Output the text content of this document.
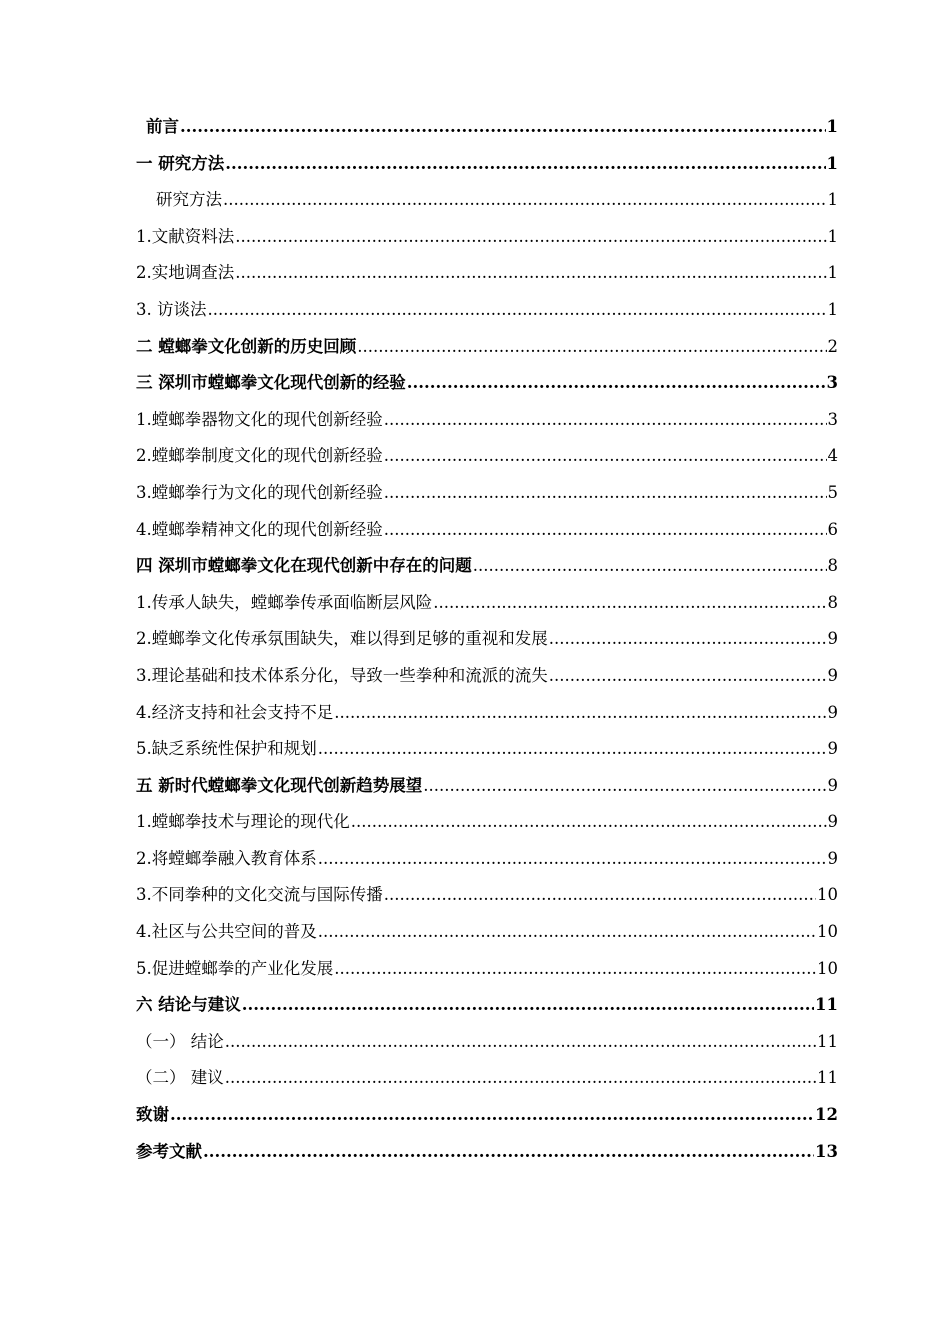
前言 .....	1
一 研究方法 .....	1
研究方法 .....	1
1.文献资料法 .....	1
2.实地调查法 .....	1
3. 访谈法 .....	1
二 螳螂拳文化创新的历史回顾 .....	2
三 深圳市螳螂拳文化现代创新的经验 .....	3
1.螳螂拳器物文化的现代创新经验 .....	3
2.螳螂拳制度文化的现代创新经验 .....	4
3.螳螂拳行为文化的现代创新经验 .....	5
4.螳螂拳精神文化的现代创新经验 .....	6
四 深圳市螳螂拳文化在现代创新中存在的问题 .....	8
1.传承人缺失，螳螂拳传承面临断层风险 .....	8
2.螳螂拳文化传承氛围缺失，难以得到足够的重视和发展 .....	9
3.理论基础和技术体系分化，导致一些拳种和流派的流失 .....	9
4.经济支持和社会支持不足 .....	9
5.缺乏系统性保护和规划 .....	9
五 新时代螳螂拳文化现代创新趋势展望 .....	9
1.螳螂拳技术与理论的现代化 .....	9
2.将螳螂拳融入教育体系 .....	9
3.不同拳种的文化交流与国际传播 .....	10
4.社区与公共空间的普及 .....	10
5.促进螳螂拳的产业化发展 .....	10
六 结论与建议 .....	11
（一） 结论 .....	11
（二） 建议 .....	11
致谢 .....	12
参考文献 .....	13
